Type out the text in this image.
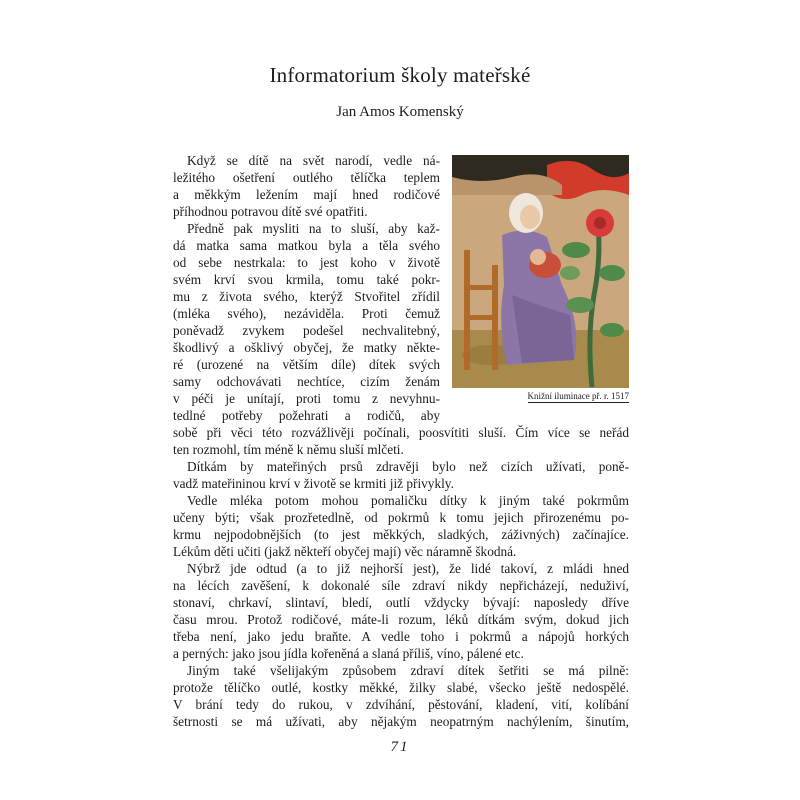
Informatorium školy mateřské
Jan Amos Komenský
Knižní iluminace př. r. 1517
Když se dítě na svět narodí, vedle ná-
ležitého ošetření outlého tělíčka teplem
a měkkým ležením mají hned rodičové
příhodnou potravou dítě své opatřiti.
Předně pak mysliti na to sluší, aby kaž-
dá matka sama matkou byla a těla svého
od sebe nestrkala: to jest koho v životě
svém krví svou krmila, tomu také pokr-
mu z života svého, kterýž Stvořitel zřídil
(mléka svého), nezáviděla. Proti čemuž
poněvadž zvykem podešel nechvalitebný,
škodlivý a ošklivý obyčej, že matky někte-
ré (urozené na větším díle) dítek svých
samy odchovávati nechtíce, cizím ženám
v péči je unítají, proti tomu z nevyhnu-
tedlné potřeby požehrati a rodičů, aby
sobě při věci této rozvážlivěji počínali, poosvítiti sluší. Čím více se neřád
ten rozmohl, tím méně k němu sluší mlčeti.
Dítkám by mateřiných prsů zdravěji bylo než cizích užívati, poně-
vadž mateřininou krví v životě se krmiti již přivykly.
Vedle mléka potom mohou pomaličku dítky k jiným také pokrmům
učeny býti; však prozřetedlně, od pokrmů k tomu jejich přirozenému po-
krmu nejpodobnějších (to jest měkkých, sladkých, záživných) začínajíce.
Lékům děti učiti (jakž někteří obyčej mají) věc náramně škodná.
Nýbrž jde odtud (a to již nejhorší jest), že lidé takoví, z mládi hned
na lécích zavěšení, k dokonalé síle zdraví nikdy nepřicházejí, neduživí,
stonaví, chrkaví, slintaví, bledí, outlí vždycky bývají: naposledy dříve
času mrou. Protož rodičové, máte-li rozum, léků dítkám svým, dokud jich
třeba není, jako jedu braňte. A vedle toho i pokrmů a nápojů horkých
a perných: jako jsou jídla kořeněná a slaná příliš, víno, pálené etc.
Jiným také všelijakým způsobem zdraví dítek šetřiti se má pilně:
protože tělíčko outlé, kostky měkké, žilky slabé, všecko ještě nedospělé.
V brání tedy do rukou, v zdvíhání, pěstování, kladení, vití, kolíbání
šetrnosti se má užívati, aby nějakým neopatrným nachýlením, šinutím,
71
